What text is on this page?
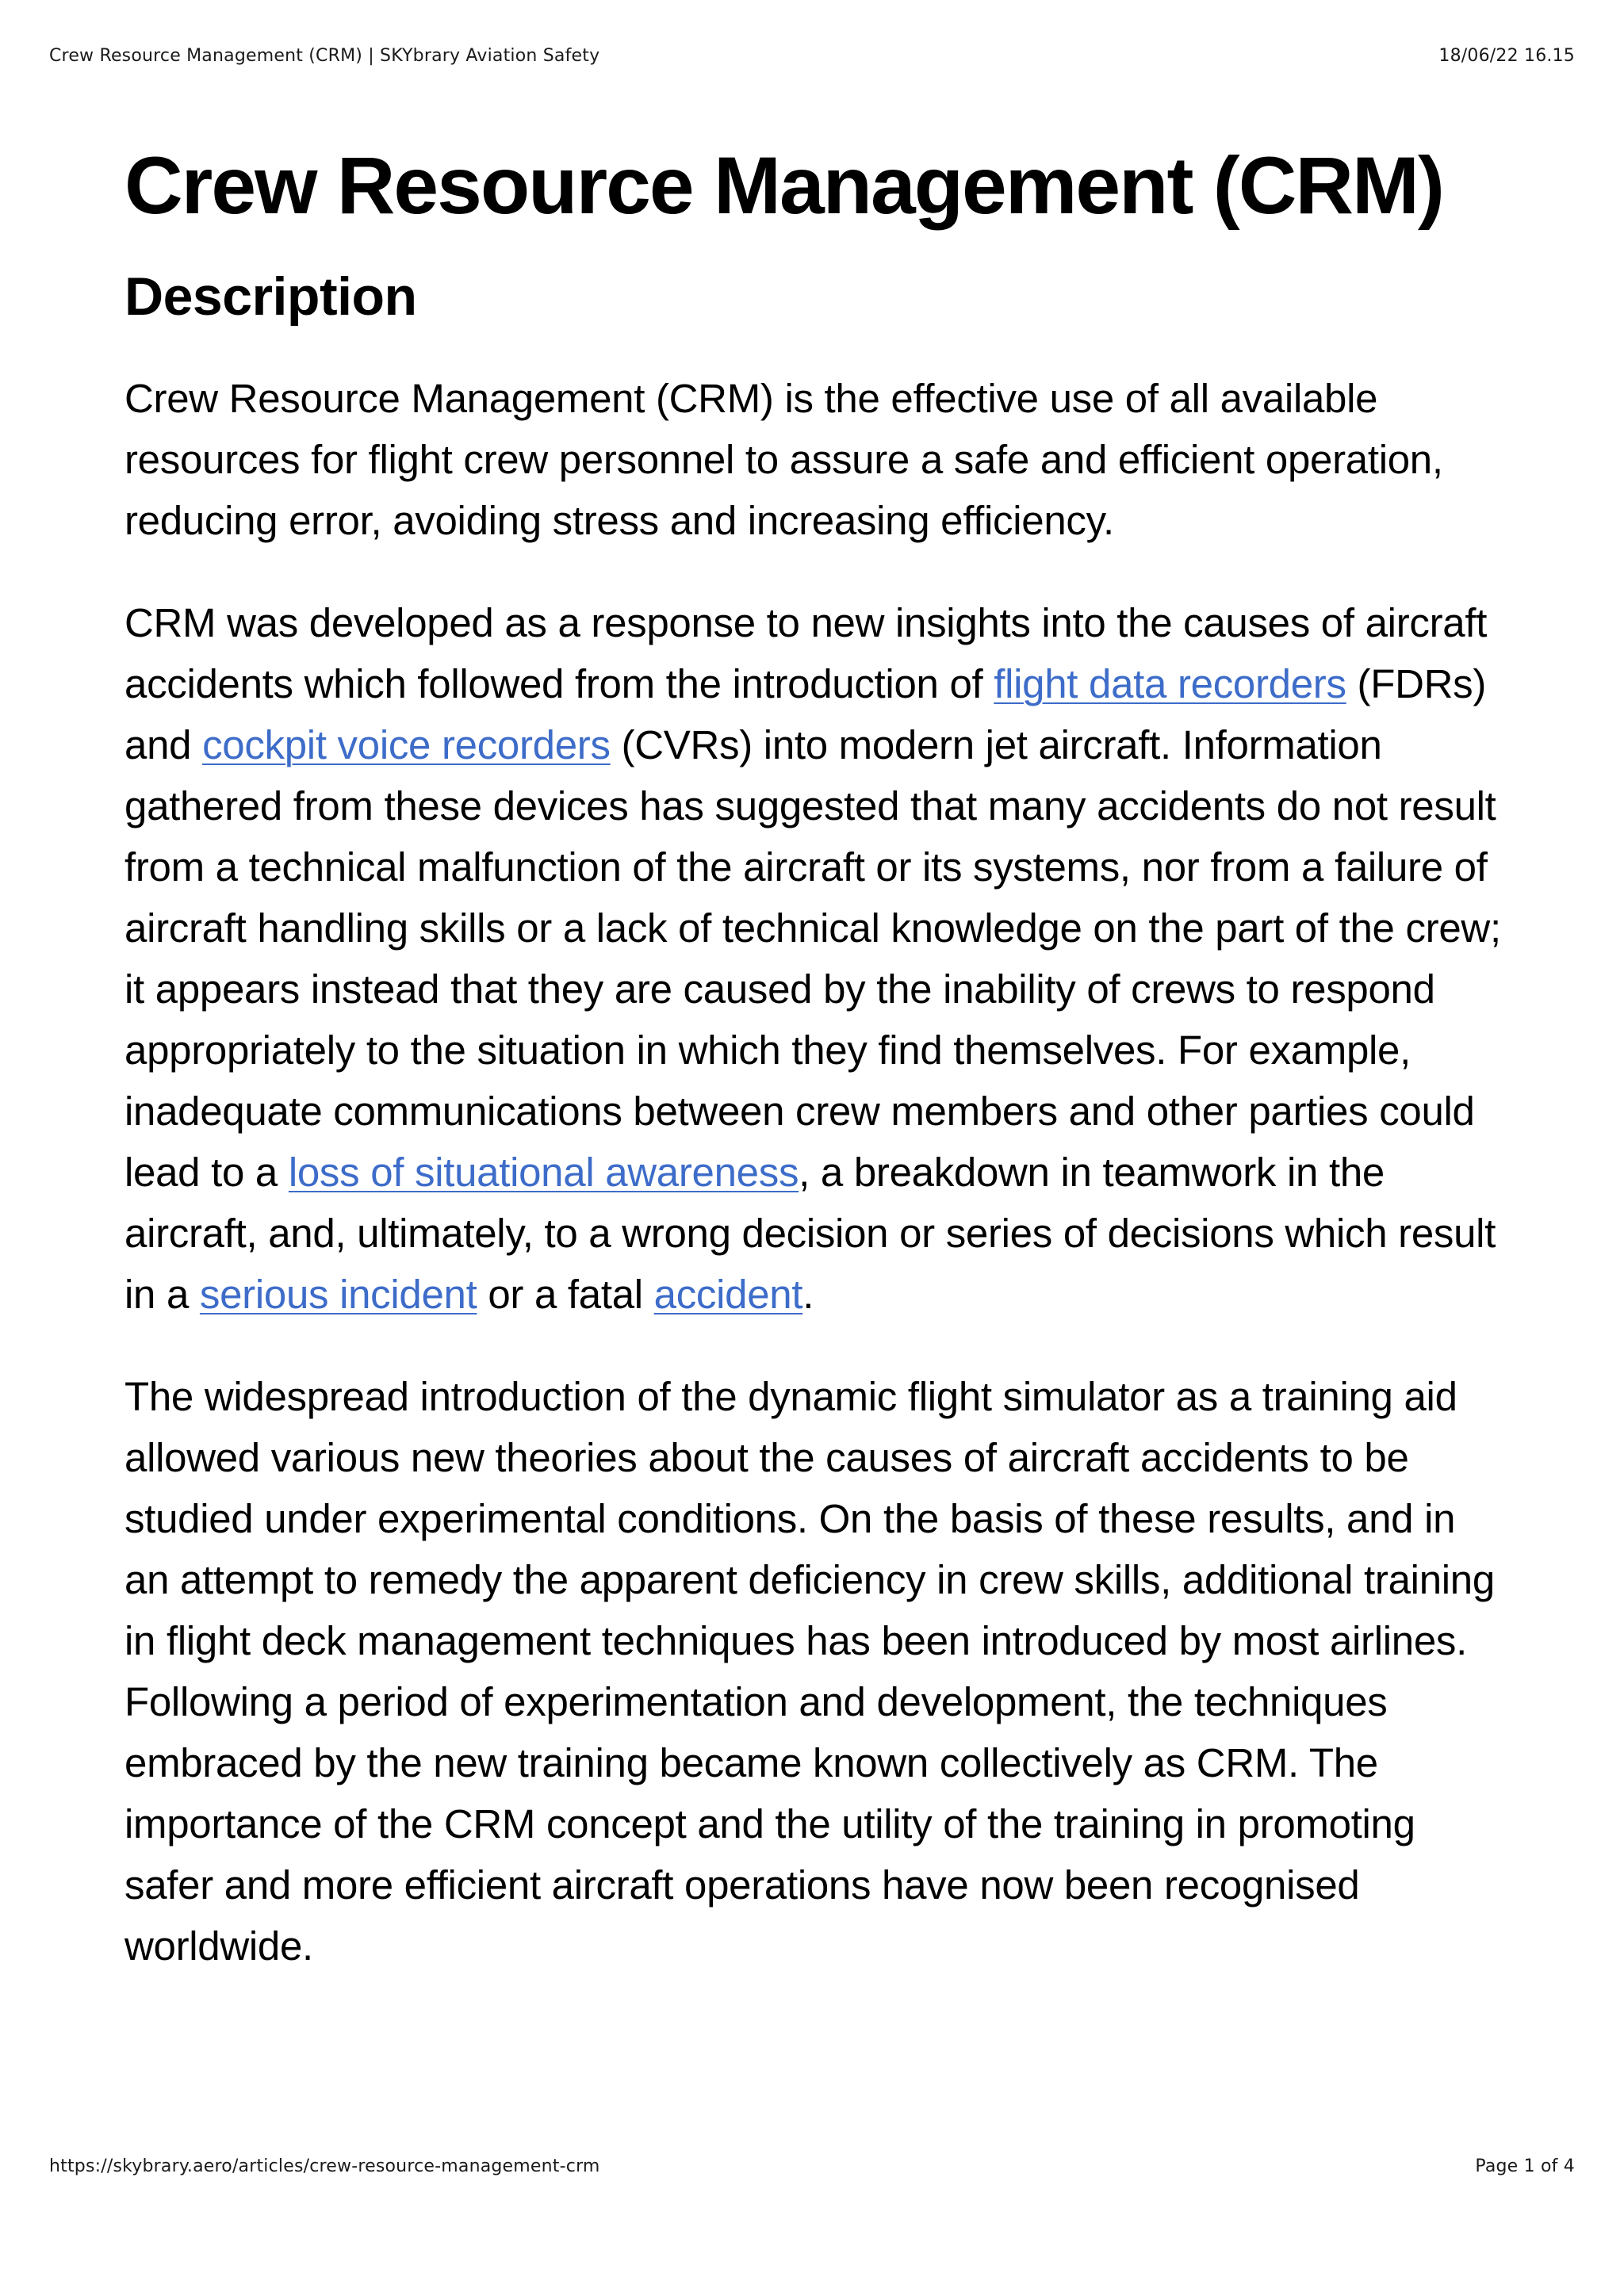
Crew Resource Management (CRM) | SKYbrary Aviation Safety	18/06/22 16.15
Crew Resource Management (CRM)
Description

Crew Resource Management (CRM) is the effective use of all available resources for flight crew personnel to assure a safe and efficient operation, reducing error, avoiding stress and increasing efficiency.

CRM was developed as a response to new insights into the causes of aircraft accidents which followed from the introduction of flight data recorders (FDRs) and cockpit voice recorders (CVRs) into modern jet aircraft. Information gathered from these devices has suggested that many accidents do not result from a technical malfunction of the aircraft or its systems, nor from a failure of aircraft handling skills or a lack of technical knowledge on the part of the crew; it appears instead that they are caused by the inability of crews to respond appropriately to the situation in which they find themselves. For example, inadequate communications between crew members and other parties could lead to a loss of situational awareness, a breakdown in teamwork in the aircraft, and, ultimately, to a wrong decision or series of decisions which result in a serious incident or a fatal accident.

The widespread introduction of the dynamic flight simulator as a training aid allowed various new theories about the causes of aircraft accidents to be studied under experimental conditions. On the basis of these results, and in an attempt to remedy the apparent deficiency in crew skills, additional training in flight deck management techniques has been introduced by most airlines. Following a period of experimentation and development, the techniques embraced by the new training became known collectively as CRM. The importance of the CRM concept and the utility of the training in promoting safer and more efficient aircraft operations have now been recognised worldwide.

https://skybrary.aero/articles/crew-resource-management-crm	Page 1 of 4
